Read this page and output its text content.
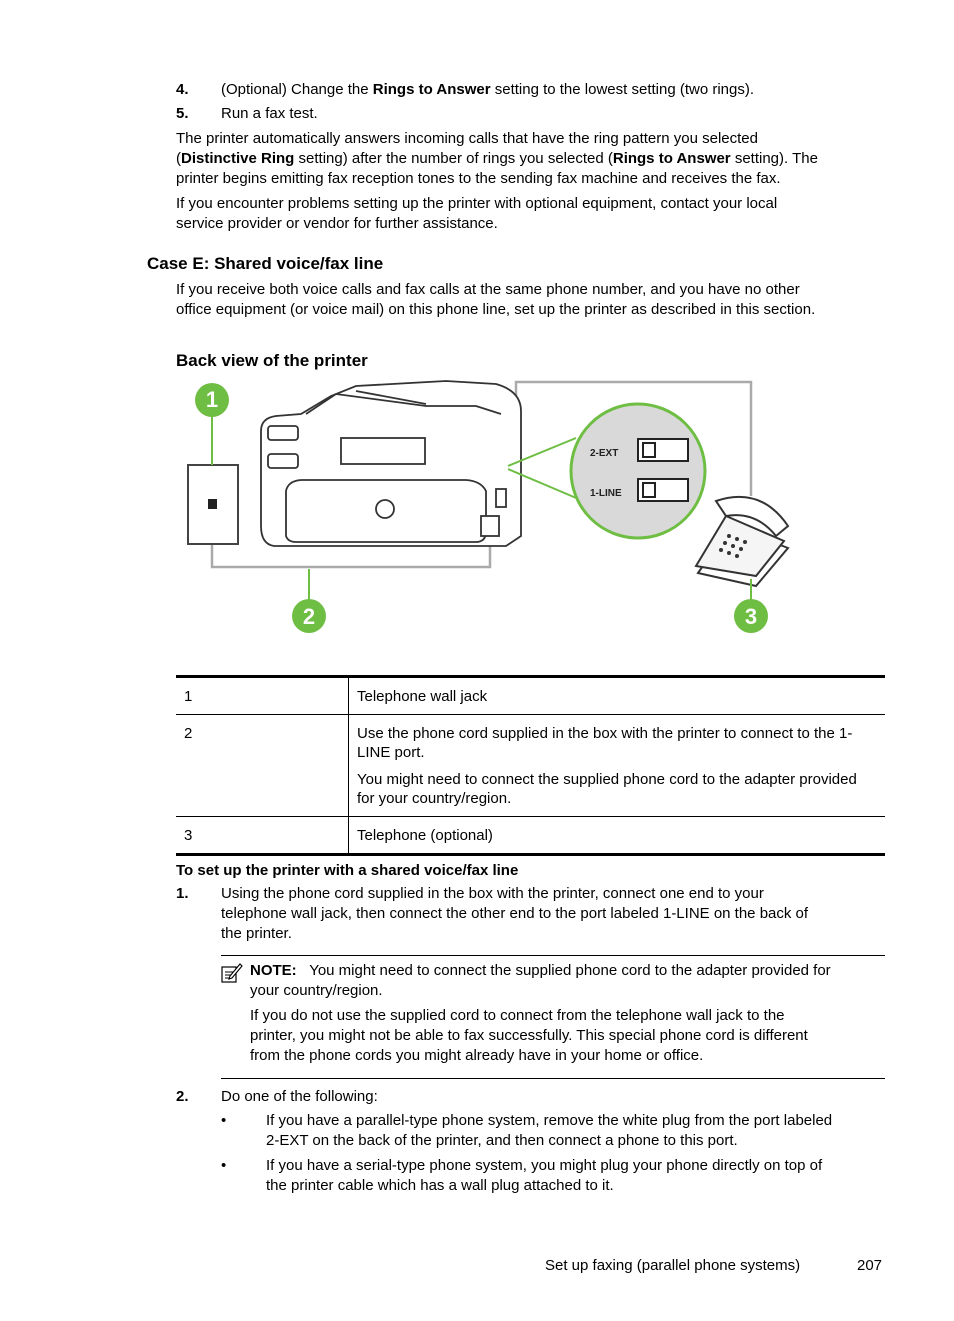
4. (Optional) Change the Rings to Answer setting to the lowest setting (two rings).
5. Run a fax test.
The printer automatically answers incoming calls that have the ring pattern you selected
(Distinctive Ring setting) after the number of rings you selected (Rings to Answer setting). The
printer begins emitting fax reception tones to the sending fax machine and receives the fax.
If you encounter problems setting up the printer with optional equipment, contact your local
service provider or vendor for further assistance.
Case E: Shared voice/fax line
If you receive both voice calls and fax calls at the same phone number, and you have no other
office equipment (or voice mail) on this phone line, set up the printer as described in this section.
Back view of the printer
2-EXT
1-LINE
1
2	3
1	Telephone wall jack

2	Use the phone cord supplied in the box with the printer to connect to the 1-LINE port.

You might need to connect the supplied phone cord to the adapter provided for your country/region.

3	Telephone (optional)

To set up the printer with a shared voice/fax line
1. Using the phone cord supplied in the box with the printer, connect one end to your
telephone wall jack, then connect the other end to the port labeled 1-LINE on the back of
the printer.
NOTE: You might need to connect the supplied phone cord to the adapter provided for
your country/region.
If you do not use the supplied cord to connect from the telephone wall jack to the
printer, you might not be able to fax successfully. This special phone cord is different
from the phone cords you might already have in your home or office.
2. Do one of the following:
•	If you have a parallel-type phone system, remove the white plug from the port labeled
2-EXT on the back of the printer, and then connect a phone to this port.
•	If you have a serial-type phone system, you might plug your phone directly on top of
the printer cable which has a wall plug attached to it.
Set up faxing (parallel phone systems)	207
